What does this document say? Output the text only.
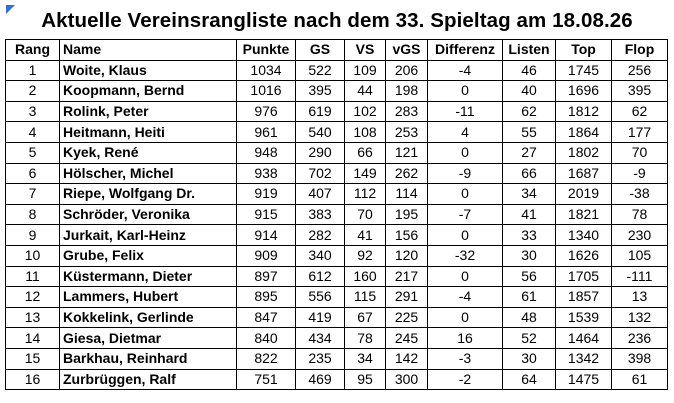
Aktuelle Vereinsrangliste nach dem 33. Spieltag am 18.08.26
Rang	Name	Punkte	GS	VS	vGS	Differenz	Listen	Top	Flop
1	Woite, Klaus	1034	522	109	206	-4	46	1745	256
2	Koopmann, Bernd	1016	395	44	198	0	40	1696	395
3	Rolink, Peter	976	619	102	283	-11	62	1812	62
4	Heitmann, Heiti	961	540	108	253	4	55	1864	177
5	Kyek, René	948	290	66	121	0	27	1802	70
6	Hölscher, Michel	938	702	149	262	-9	66	1687	-9
7	Riepe, Wolfgang Dr.	919	407	112	114	0	34	2019	-38
8	Schröder, Veronika	915	383	70	195	-7	41	1821	78
9	Jurkait, Karl-Heinz	914	282	41	156	0	33	1340	230
10	Grube, Felix	909	340	92	120	-32	30	1626	105
11	Küstermann, Dieter	897	612	160	217	0	56	1705	-111
12	Lammers, Hubert	895	556	115	291	-4	61	1857	13
13	Kokkelink, Gerlinde	847	419	67	225	0	48	1539	132
14	Giesa, Dietmar	840	434	78	245	16	52	1464	236
15	Barkhau, Reinhard	822	235	34	142	-3	30	1342	398
16	Zurbrüggen, Ralf	751	469	95	300	-2	64	1475	61
